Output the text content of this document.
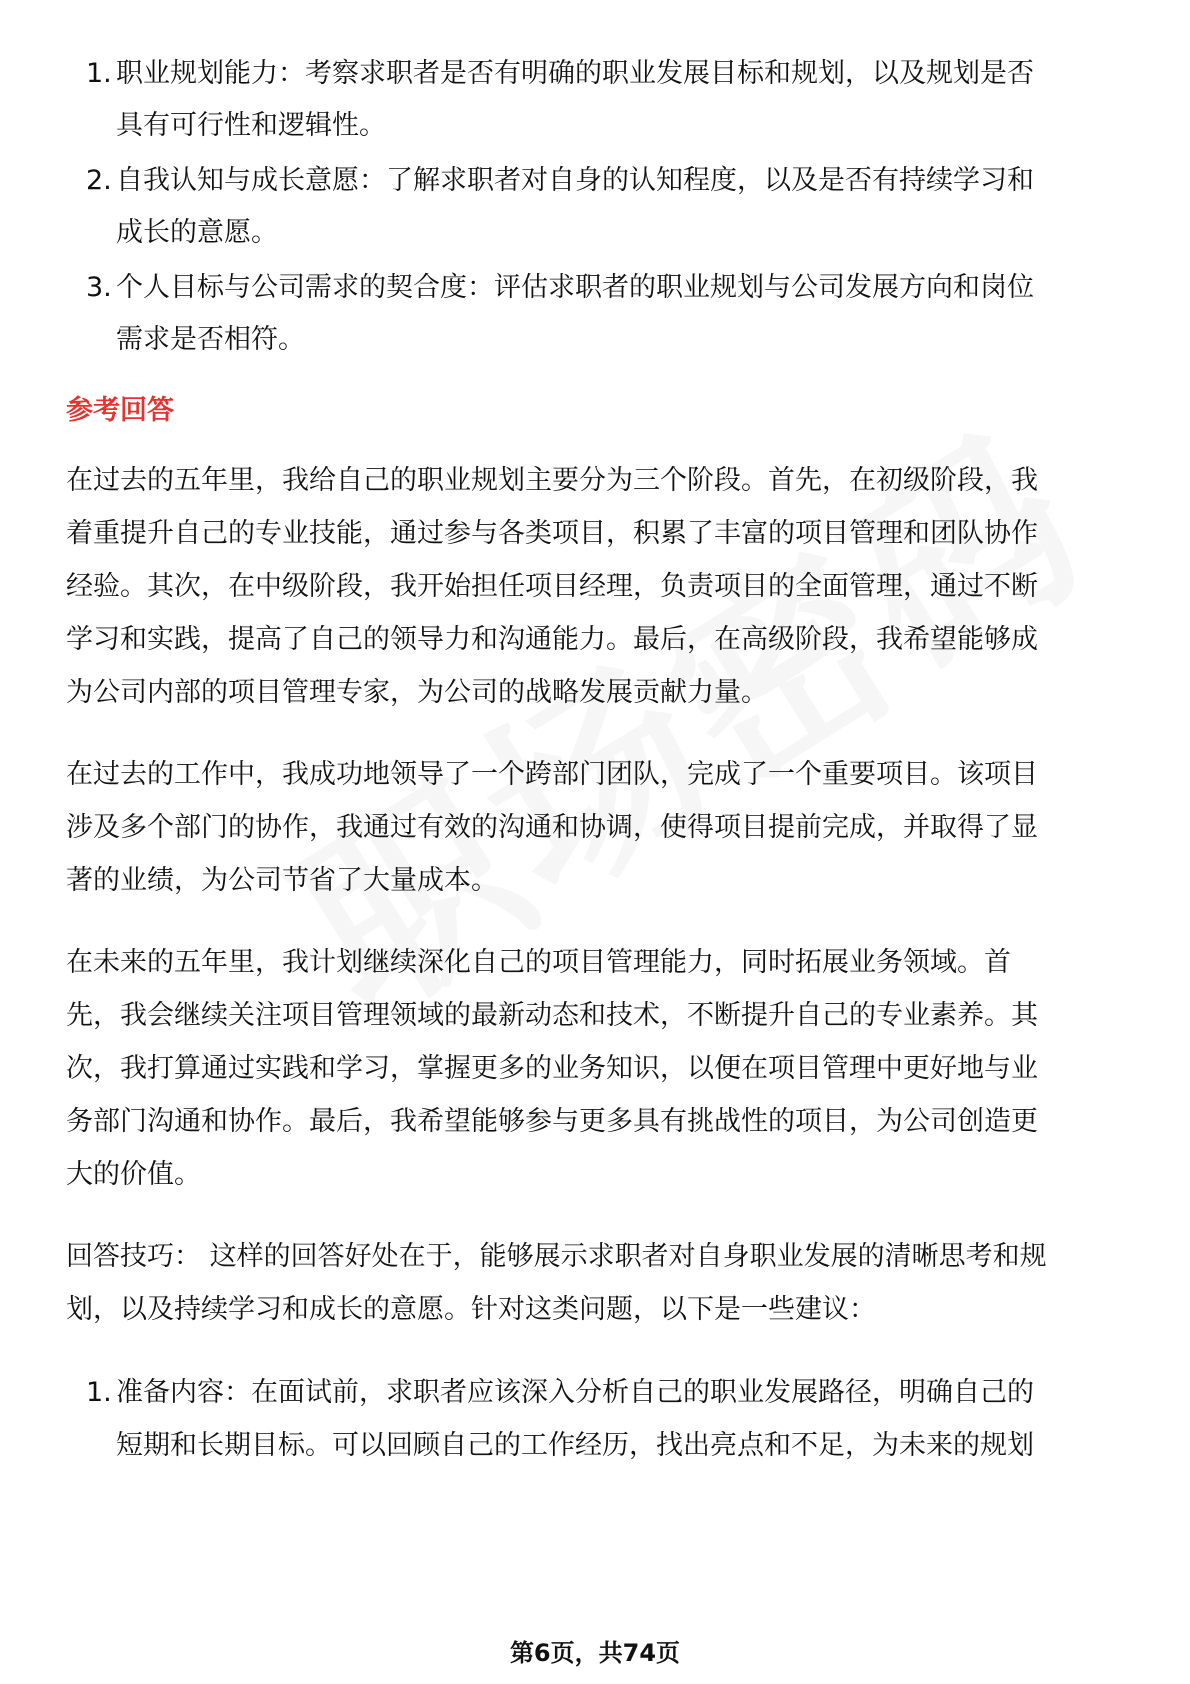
1. 职业规划能力：考察求职者是否有明确的职业发展目标和规划，以及规划是否
具有可行性和逻辑性。
2. 自我认知与成长意愿：了解求职者对自身的认知程度，以及是否有持续学习和
成长的意愿。
3. 个人目标与公司需求的契合度：评估求职者的职业规划与公司发展方向和岗位
需求是否相符。
参考回答
在过去的五年里，我给自己的职业规划主要分为三个阶段。首先，在初级阶段，我
着重提升自己的专业技能，通过参与各类项目，积累了丰富的项目管理和团队协作
经验。其次，在中级阶段，我开始担任项目经理，负责项目的全面管理，通过不断
学习和实践，提高了自己的领导力和沟通能力。最后，在高级阶段，我希望能够成
为公司内部的项目管理专家，为公司的战略发展贡献力量。
在过去的工作中，我成功地领导了一个跨部门团队，完成了一个重要项目。该项目
涉及多个部门的协作，我通过有效的沟通和协调，使得项目提前完成，并取得了显
著的业绩，为公司节省了大量成本。
在未来的五年里，我计划继续深化自己的项目管理能力，同时拓展业务领域。首
先，我会继续关注项目管理领域的最新动态和技术，不断提升自己的专业素养。其
次，我打算通过实践和学习，掌握更多的业务知识，以便在项目管理中更好地与业
务部门沟通和协作。最后，我希望能够参与更多具有挑战性的项目，为公司创造更
大的价值。
回答技巧： 这样的回答好处在于，能够展示求职者对自身职业发展的清晰思考和规
划，以及持续学习和成长的意愿。针对这类问题，以下是一些建议：
1. 准备内容：在面试前，求职者应该深入分析自己的职业发展路径，明确自己的
短期和长期目标。可以回顾自己的工作经历，找出亮点和不足，为未来的规划
第6页，共74页
